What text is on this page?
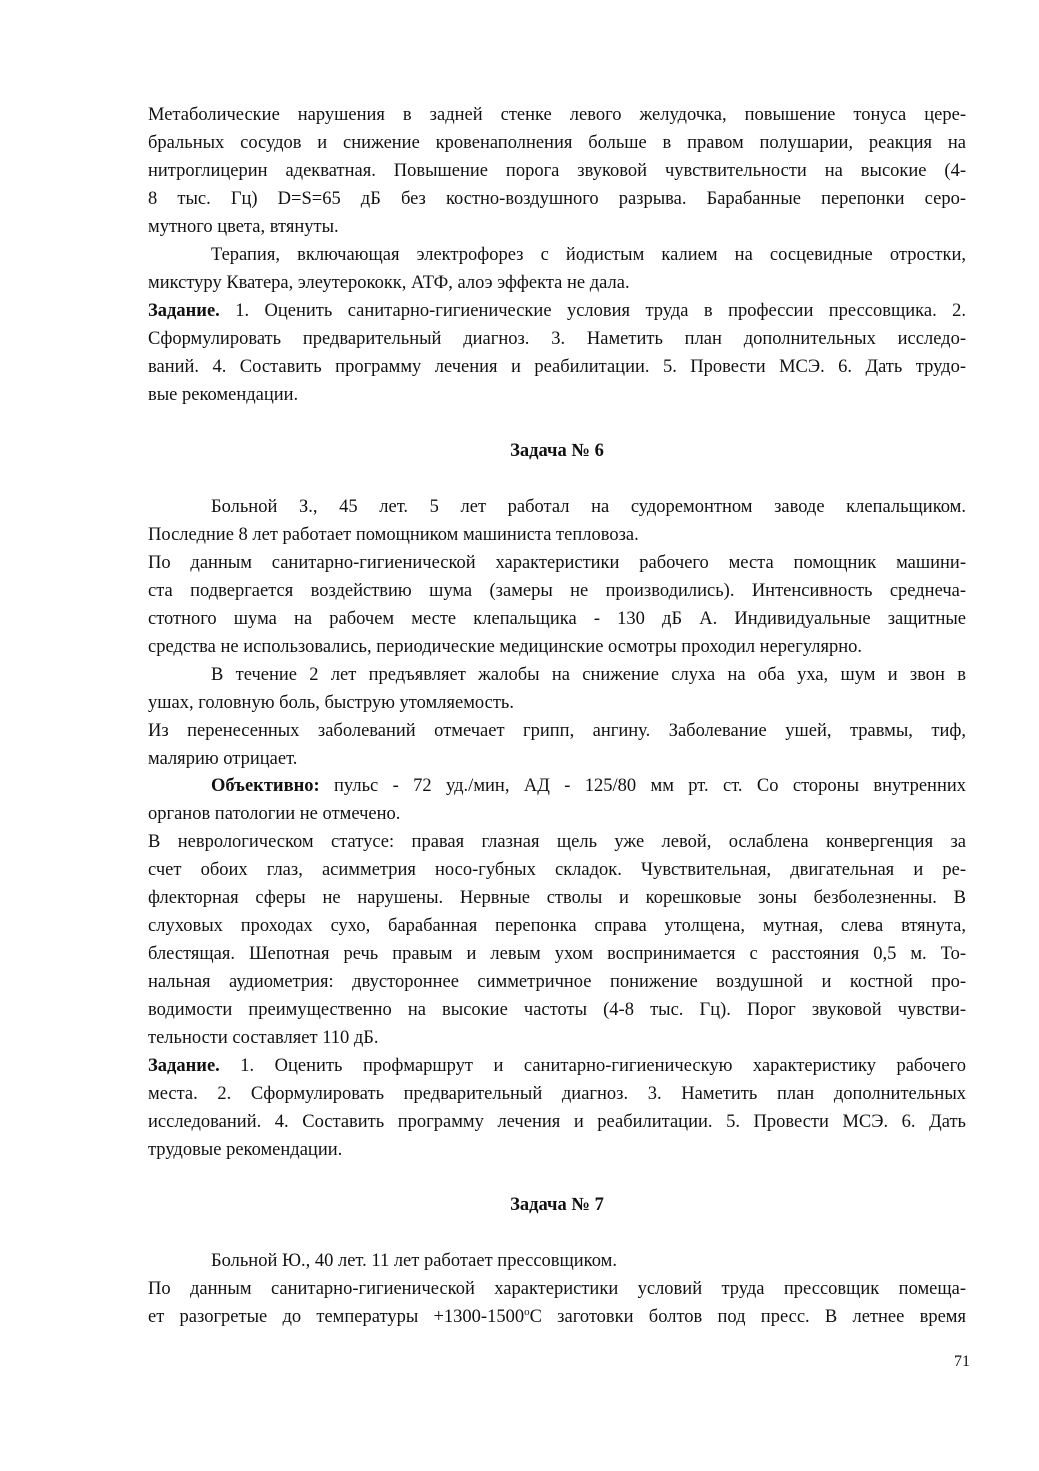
Метаболические нарушения в задней стенке левого желудочка, повышение тонуса цере-
бральных сосудов и снижение кровенаполнения больше в правом полушарии, реакция на
нитроглицерин адекватная. Повышение порога звуковой чувствительности на высокие (4-
8 тыс. Гц) D=S=65 дБ без костно-воздушного разрыва. Барабанные перепонки серо-
мутного цвета, втянуты.
Терапия, включающая электрофорез с йодистым калием на сосцевидные отростки,
микстуру Кватера, элеутерококк, АТФ, алоэ эффекта не дала.
Задание. 1. Оценить санитарно-гигиенические условия труда в профессии прессовщика. 2.
Сформулировать предварительный диагноз. 3. Наметить план дополнительных исследо-
ваний. 4. Составить программу лечения и реабилитации. 5. Провести МСЭ. 6. Дать трудо-
вые рекомендации.
Задача № 6
Больной З., 45 лет. 5 лет работал на судоремонтном заводе клепальщиком.
Последние 8 лет работает помощником машиниста тепловоза.
По данным санитарно-гигиенической характеристики рабочего места помощник машини-
ста подвергается воздействию шума (замеры не производились). Интенсивность среднеча-
стотного шума на рабочем месте клепальщика - 130 дБ А. Индивидуальные защитные
средства не использовались, периодические медицинские осмотры проходил нерегулярно.
В течение 2 лет предъявляет жалобы на снижение слуха на оба уха, шум и звон в
ушах, головную боль, быструю утомляемость.
Из перенесенных заболеваний отмечает грипп, ангину. Заболевание ушей, травмы, тиф,
малярию отрицает.
Объективно: пульс - 72 уд./мин, АД - 125/80 мм рт. ст. Со стороны внутренних
органов патологии не отмечено.
В неврологическом статусе: правая глазная щель уже левой, ослаблена конвергенция за
счет обоих глаз, асимметрия носо-губных складок. Чувствительная, двигательная и ре-
флекторная сферы не нарушены. Нервные стволы и корешковые зоны безболезненны. В
слуховых проходах сухо, барабанная перепонка справа утолщена, мутная, слева втянута,
блестящая. Шепотная речь правым и левым ухом воспринимается с расстояния 0,5 м. То-
нальная аудиометрия: двустороннее симметричное понижение воздушной и костной про-
водимости преимущественно на высокие частоты (4-8 тыс. Гц). Порог звуковой чувстви-
тельности составляет 110 дБ.
Задание. 1. Оценить профмаршрут и санитарно-гигиеническую характеристику рабочего
места. 2. Сформулировать предварительный диагноз. 3. Наметить план дополнительных
исследований. 4. Составить программу лечения и реабилитации. 5. Провести МСЭ. 6. Дать
трудовые рекомендации.
Задача № 7
Больной Ю., 40 лет. 11 лет работает прессовщиком.
По данным санитарно-гигиенической характеристики условий труда прессовщик помеща-
ет разогретые до температуры $+1300-1500^оС$ заготовки болтов под пресс. В летнее время
71
